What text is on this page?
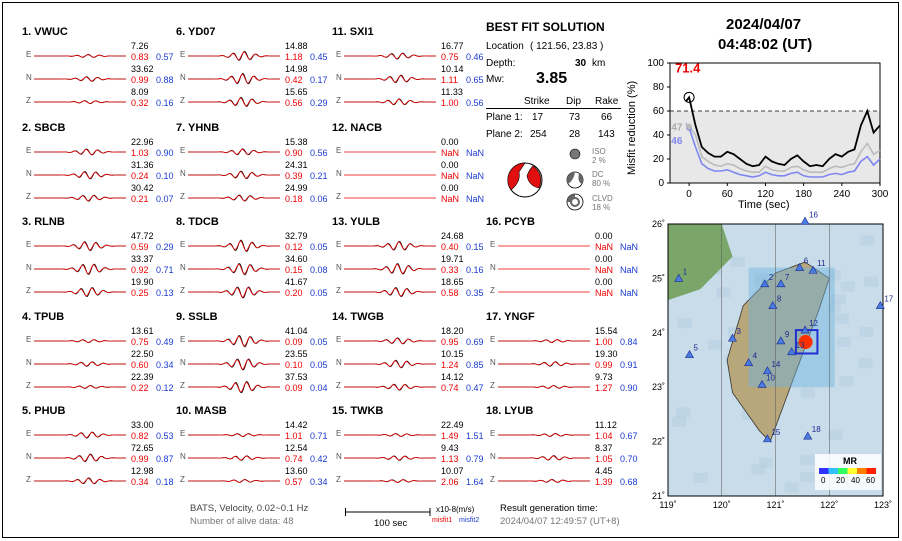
1. VWUC
E
7.26
0.83 0.57
N
33.62
0.99 0.88
Z
8.09
0.32 0.16
2. SBCB
E
22.96
1.03 0.90
N
31.36
0.24 0.10
Z
30.42
0.21 0.07
3. RLNB
E
47.72
0.59 0.29
N
33.37
0.92 0.71
Z
19.90
0.25 0.13
4. TPUB
E
13.61
0.75 0.49
N
22.50
0.60 0.34
Z
22.39
0.22 0.12
5. PHUB
E
33.00
0.82 0.53
N
72.65
0.99 0.87
Z
12.98
0.34 0.18
6. YD07
E
14.88
1.18 0.45
N
14.98
0.42 0.17
Z
15.65
0.56 0.29
7. YHNB
E
15.38
0.90 0.56
N
24.31
0.39 0.21
Z
24.99
0.18 0.06
8. TDCB
E
32.79
0.12 0.05
N
34.60
0.15 0.08
Z
41.67
0.20 0.05
9. SSLB
E
41.04
0.09 0.05
N
23.55
0.10 0.05
Z
37.53
0.09 0.04
10. MASB
E
14.42
1.01 0.71
N
12.54
0.74 0.42
Z
13.60
0.57 0.34
11. SXI1
E
16.77
0.75 0.46
N
10.14
1.11 0.65
Z
11.33
1.00 0.56
12. NACB
E
0.00
NaN NaN
N
0.00
NaN NaN
Z
0.00
NaN NaN
13. YULB
E
24.68
0.40 0.15
N
19.71
0.33 0.16
Z
18.65
0.58 0.35
14. TWGB
E
18.20
0.95 0.69
N
10.15
1.24 0.85
Z
14.12
0.74 0.47
15. TWKB
E
22.49
1.49 1.51
N
9.43
1.13 0.79
Z
10.07
2.06 1.64
16. PCYB
E
0.00
NaN NaN
N
0.00
NaN NaN
Z
0.00
NaN NaN
17. YNGF
E
15.54
1.00 0.84
N
19.30
0.99 0.91
Z
9.73
1.27 0.90
18. LYUB
E
11.12
1.04 0.67
N
8.37
1.05 0.70
Z
4.45
1.39 0.68
BEST FIT SOLUTION
Location ( 121.56, 23.83 )
Depth:	30 km
Mw: 3.85
Strike Dip Rake
Plane 1: 17	73 66
Plane 2: 254 28 143
ISO
2 %
DC
80 %
CLVD
18 %
2024/04/07
04:48:02 (UT)
71.4
47
46
0
20
40
60
80
100
0	60 120 180 240 300
Misfit reduction (%)
Time (sec)
1
2
3
4
5
6
7
8
9
10
11
12
13
14
15
16
17
18
26˚
25˚
24˚
23˚
22˚
21˚
119˚	120˚	121˚	122˚	123˚
MR
0 20 40 60
BATS, Velocity, 0.02~0.1 Hz
Number of alive data: 48	100 sec
x10-8(m/s)
misfit1 misfit2
Result generation time:
2024/04/07 12:49:57 (UT+8)
